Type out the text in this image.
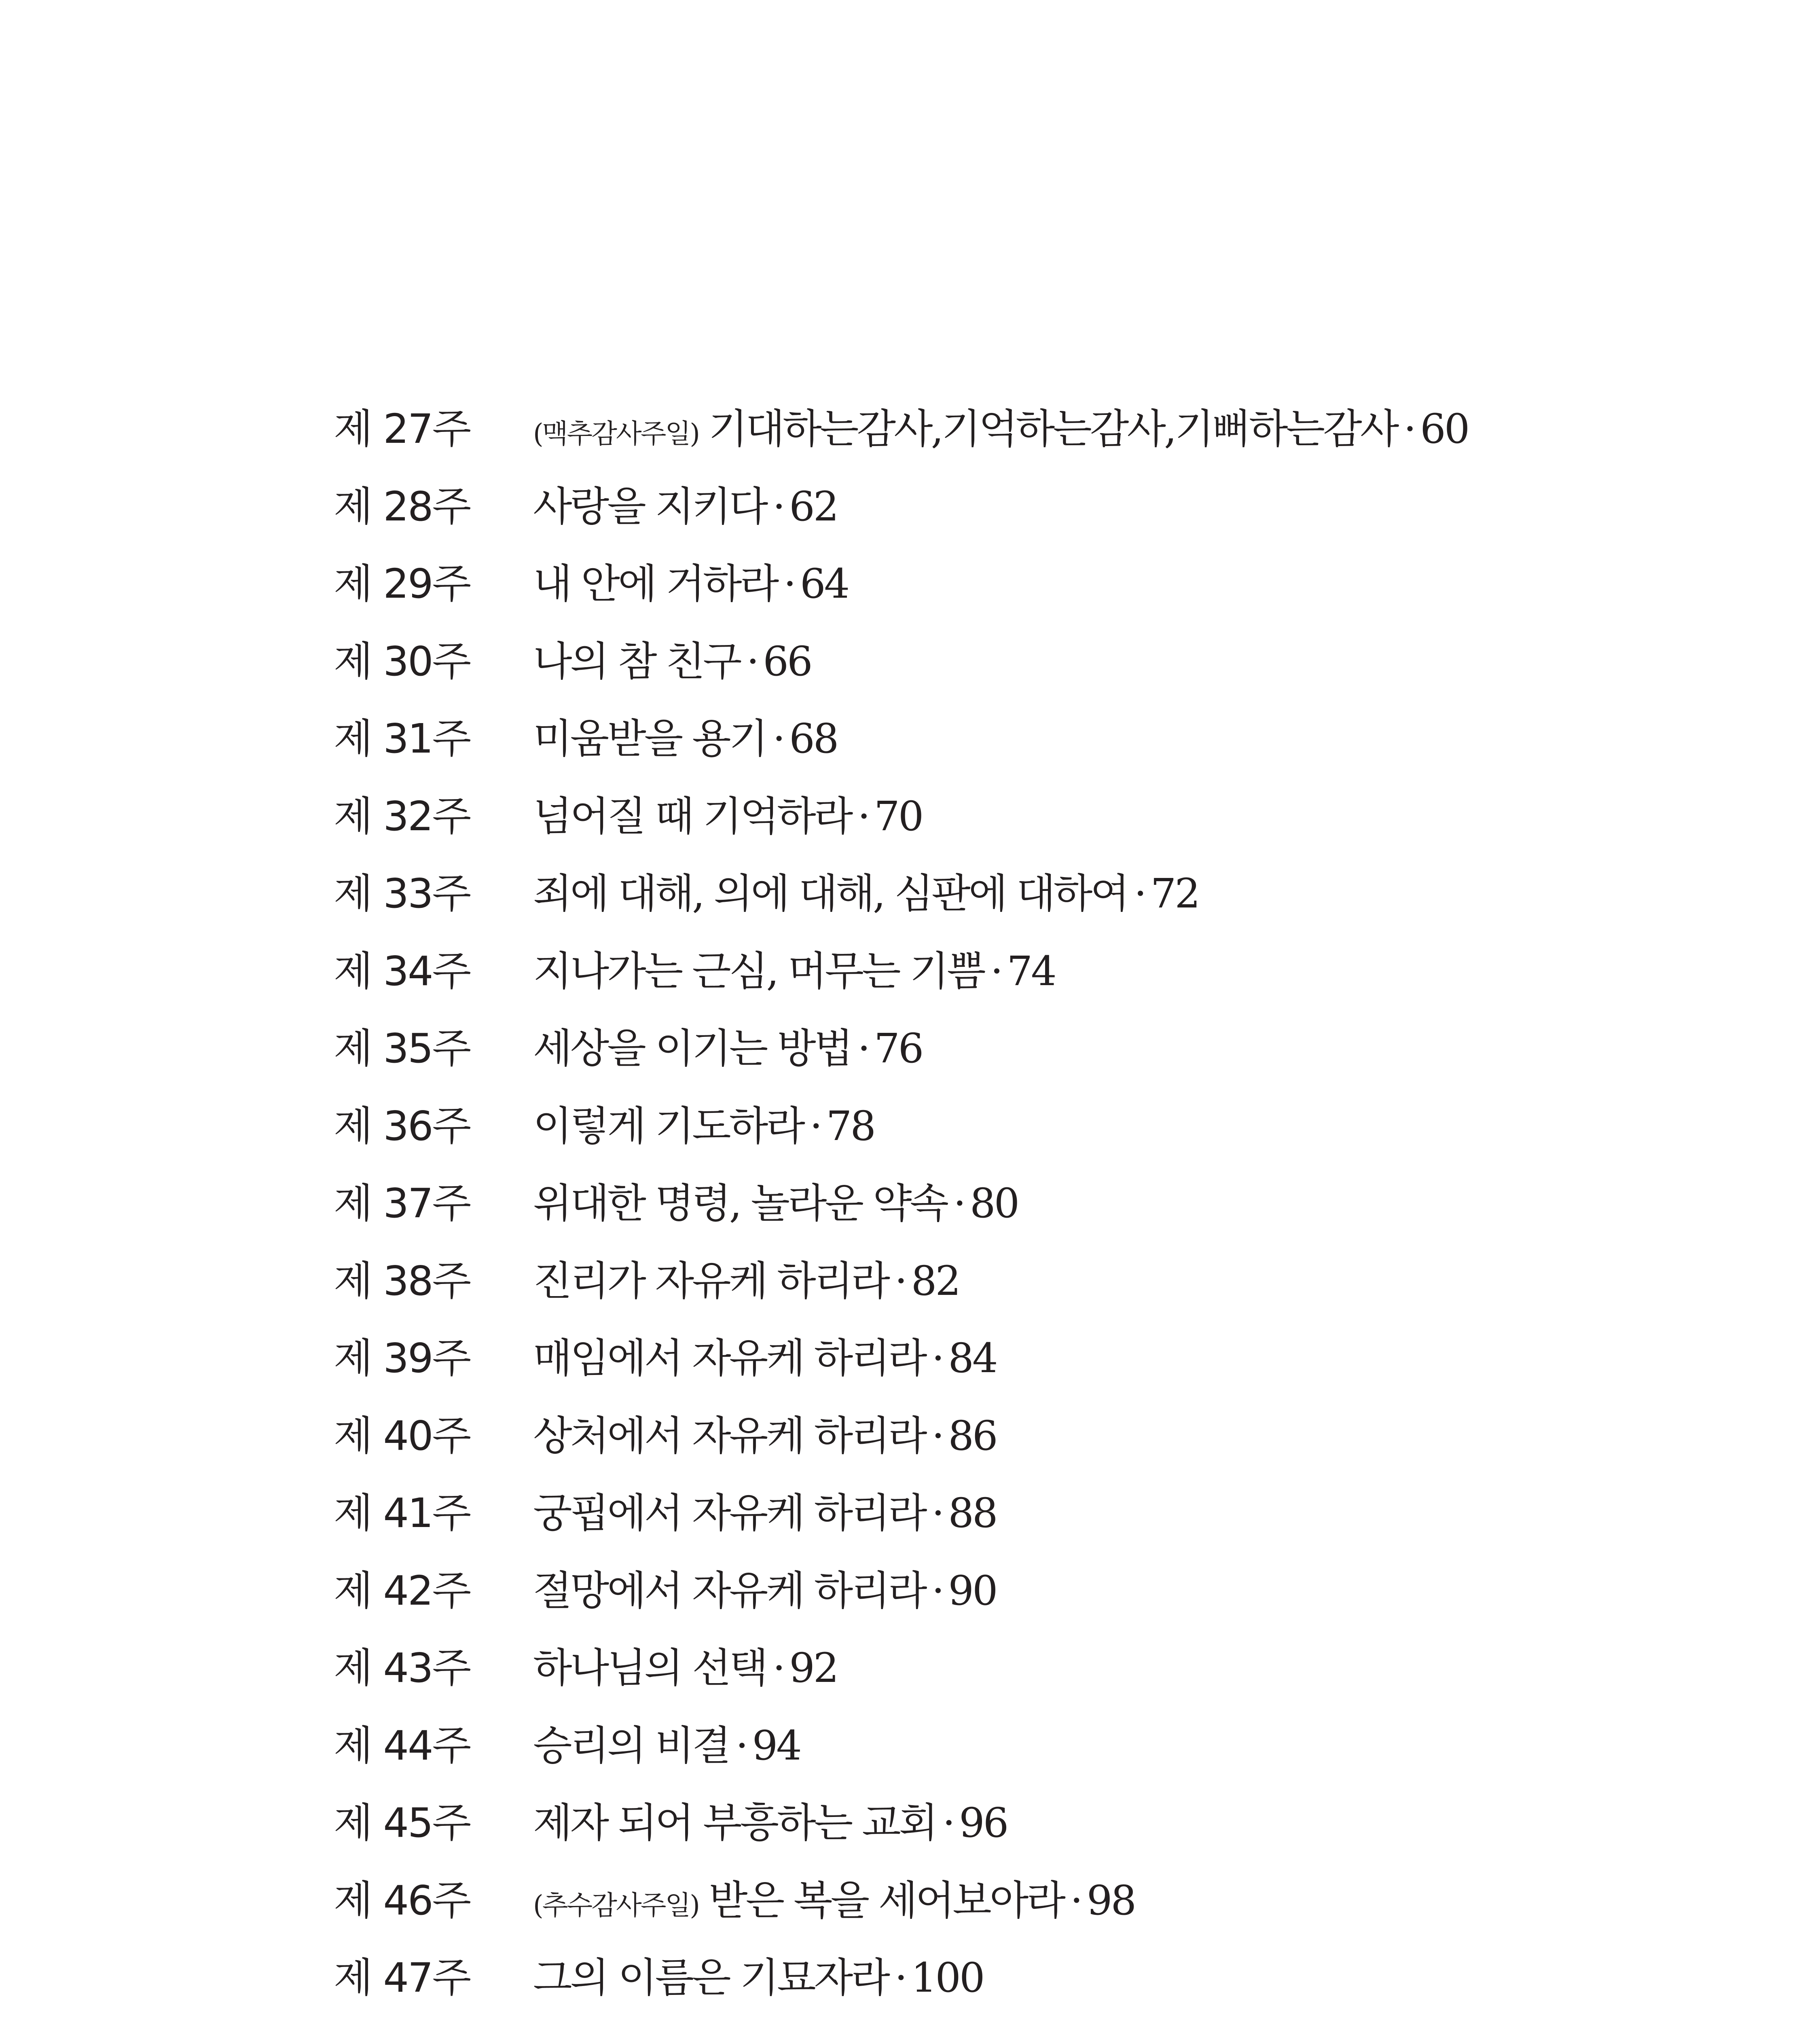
제 27주	(맥추감사주일) 기대하는감사,기억하는감사,기뻐하는감사 · 60
제 28주	사랑을 지키다 · 62
제 29주	내 안에 거하라 · 64
제 30주	나의 참 친구 · 66
제 31주	미움받을 용기 · 68
제 32주	넘어질 때 기억하라 · 70
제 33주	죄에 대해, 의에 대해, 심판에 대하여 · 72
제 34주	지나가는 근심, 머무는 기쁨 · 74
제 35주	세상을 이기는 방법 · 76
제 36주	이렇게 기도하라 · 78
제 37주	위대한 명령, 놀라운 약속 · 80
제 38주	진리가 자유케 하리라 · 82
제 39주	매임에서 자유케 하리라 · 84
제 40주	상처에서 자유케 하리라 · 86
제 41주	궁핍에서 자유케 하리라 · 88
제 42주	절망에서 자유케 하리라 · 90
제 43주	하나님의 선택 · 92
제 44주	승리의 비결 · 94
제 45주	제자 되어 부흥하는 교회 · 96
제 46주	(추수감사주일) 받은 복을 세어보아라 · 98
제 47주	그의 이름은 기묘자라 · 100
